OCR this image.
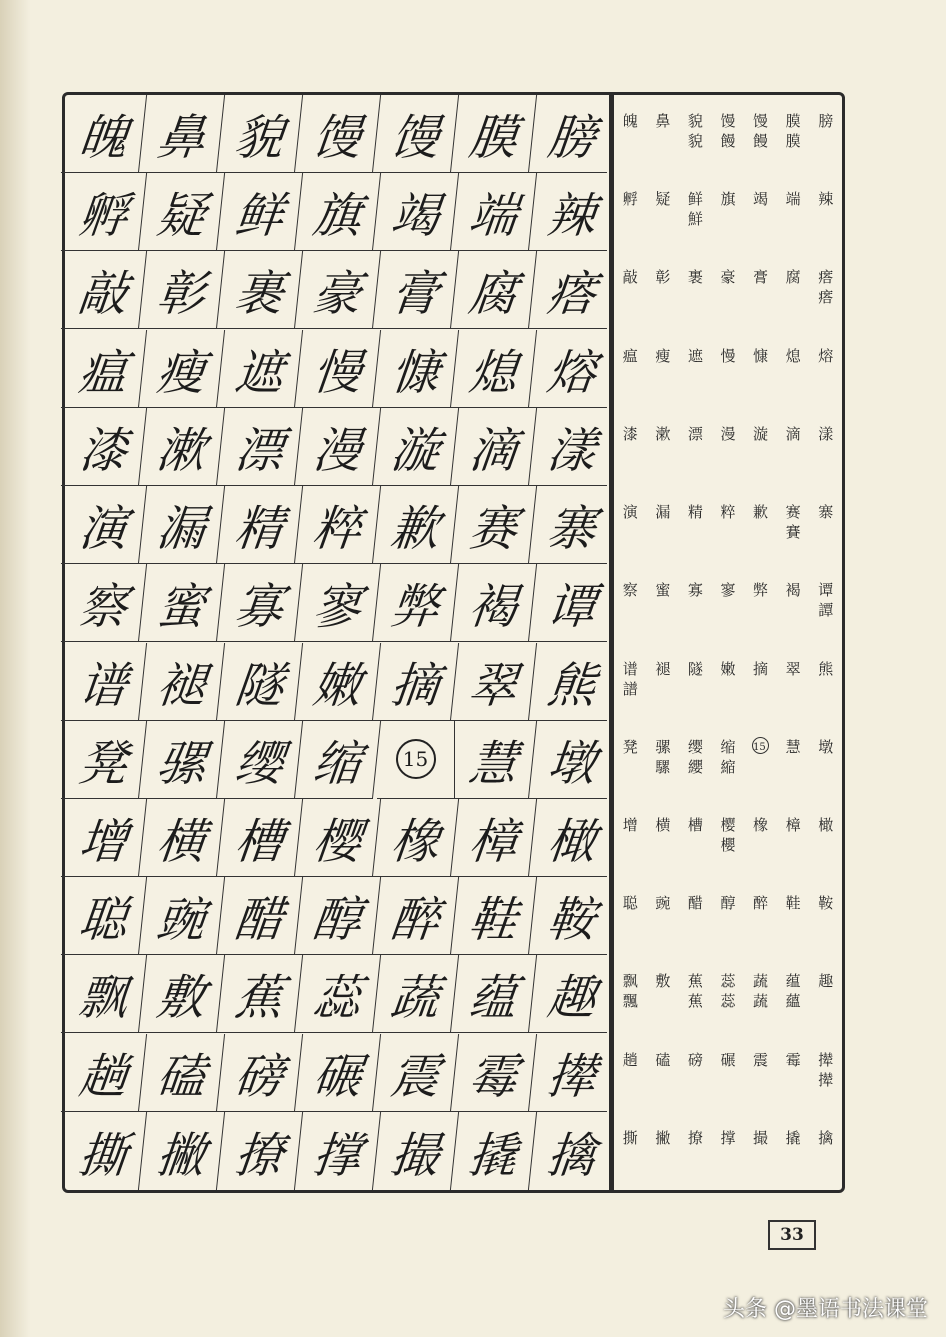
魄 鼻 貌 馒 馒 膜 膀
孵 疑 鲜 旗 竭 端 辣
敲 彰 裹 豪 膏 腐 瘩
瘟 瘦 遮 慢 慷 熄 熔
漆 漱 漂 漫 漩 滴 漾
演 漏 精 粹 歉 赛 寨
察 蜜 寡 寥 弊 褐 谭
谱 褪 隧 嫩 摘 翠 熊
凳 骡 缨 缩	15 慧 墩
增 横 槽 樱 橡 樟 橄
聪 豌 醋 醇 醉 鞋 鞍
飘 敷 蕉 蕊 蔬 蕴 趣
趟 磕 磅 碾 震 霉 撵
撕 撇 撩 撑 撮 撬 擒
魄 鼻 貌
貌
馒
饅
馒
饅
膜
膜
膀
孵 疑 鲜
鮮
旗 竭 端 辣
敲 彰 裹 豪 膏 腐 瘩
瘩
瘟 瘦 遮 慢 慷 熄 熔
漆 漱 漂 漫 漩 滴 漾
演 漏 精 粹 歉 赛
賽
寨
察 蜜 寡 寥 弊 褐 谭
譚
谱
譜
褪 隧 嫩 摘 翠 熊
凳 骡
騾
缨
纓
缩
縮
15 慧 墩
增 横 槽 樱
櫻
橡 樟 橄
聪 豌 醋 醇 醉 鞋 鞍
飘
飄
敷 蕉
蕉
蕊
蕊
蔬
蔬
蕴
蘊
趣
趟 磕 磅 碾 震 霉 撵
撵
撕 撇 撩 撑 撮 撬 擒
33
头条 @墨语书法课堂
